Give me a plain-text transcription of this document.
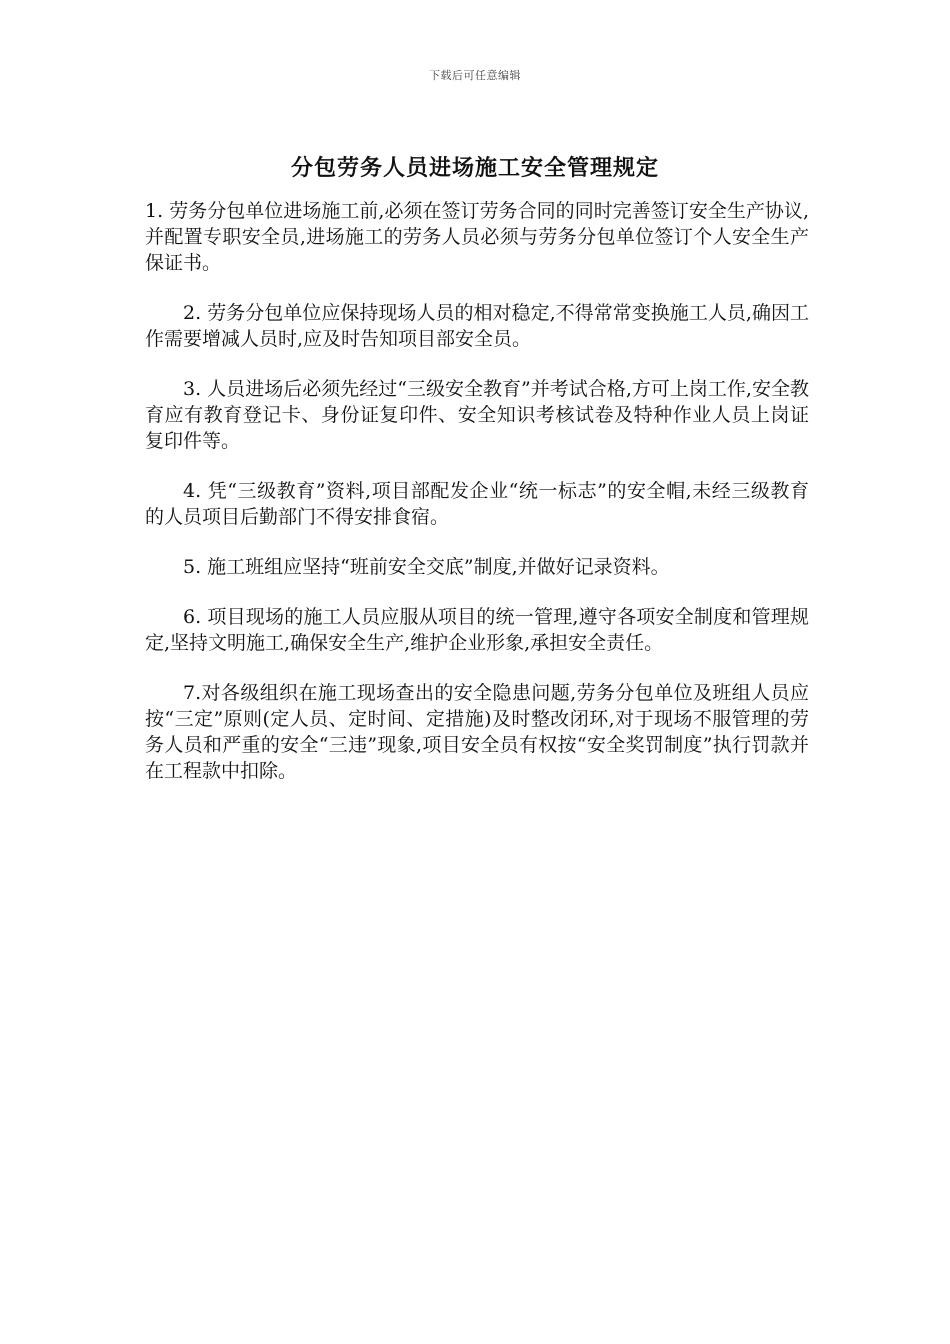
下载后可任意编辑
分包劳务人员进场施工安全管理规定

1. 劳务分包单位进场施工前,必须在签订劳务合同的同时完善签订安全生产协议,并配置专职安全员,进场施工的劳务人员必须与劳务分包单位签订个人安全生产保证书。

2. 劳务分包单位应保持现场人员的相对稳定,不得常常变换施工人员,确因工作需要增减人员时,应及时告知项目部安全员。

3. 人员进场后必须先经过“三级安全教育”并考试合格,方可上岗工作,安全教育应有教育登记卡、身份证复印件、安全知识考核试卷及特种作业人员上岗证复印件等。

4. 凭“三级教育”资料,项目部配发企业“统一标志”的安全帽,未经三级教育的人员项目后勤部门不得安排食宿。

5. 施工班组应坚持“班前安全交底”制度,并做好记录资料。

6. 项目现场的施工人员应服从项目的统一管理,遵守各项安全制度和管理规定,坚持文明施工,确保安全生产,维护企业形象,承担安全责任。

7.对各级组织在施工现场查出的安全隐患问题,劳务分包单位及班组人员应按“三定”原则(定人员、定时间、定措施)及时整改闭环,对于现场不服管理的劳务人员和严重的安全“三违”现象,项目安全员有权按“安全奖罚制度”执行罚款并在工程款中扣除。
